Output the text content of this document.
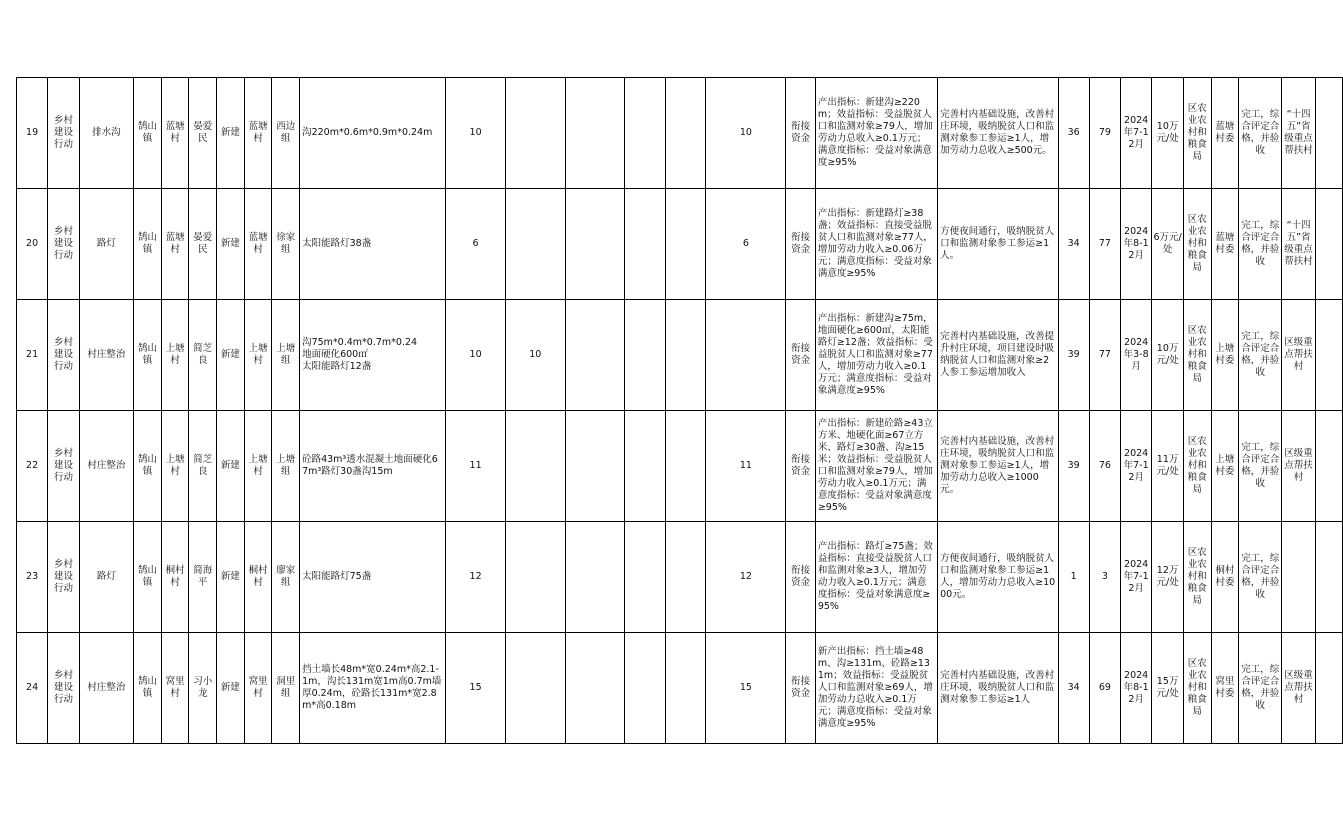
19	乡村建设行动	排水沟	鹄山镇	蓝塘村	晏爱民	新建	蓝塘村	西边组	沟220m*0.6m*0.9m*0.24m	10					10	衔接资金	产出指标：新建沟≥220m；效益指标：受益脱贫人口和监测对象≥79人，增加劳动力总收入≥0.1万元；满意度指标：受益对象满意度≥95%	完善村内基础设施，改善村庄环境，吸纳脱贫人口和监测对象参工参运≥1人，增加劳动力总收入≥500元。	36	79	2024年7-12月	10万元/处	区农业农村和粮食局	蓝塘村委	完工，综合评定合格，并验收	“十四五”省级重点帮扶村	
20	乡村建设行动	路灯	鹄山镇	蓝塘村	晏爱民	新建	蓝塘村	徐家组	太阳能路灯38盏	6					6	衔接资金	产出指标：新建路灯≥38盏；效益指标：直接受益脱贫人口和监测对象≥77人，增加劳动力收入≥0.06万元；满意度指标：受益对象满意度≥95%	方便夜间通行，吸纳脱贫人口和监测对象参工参运≥1人。	34	77	2024年8-12月	6万元/处	区农业农村和粮食局	蓝塘村委	完工，综合评定合格，并验收	“十四五”省级重点帮扶村	
21	乡村建设行动	村庄整治	鹄山镇	上塘村	简芝良	新建	上塘村	上塘组	沟75m*0.4m*0.7m*0.24
地面硬化600㎡
太阳能路灯12盏	10	10					衔接资金	产出指标：新建沟≥75m，地面硬化≥600㎡，太阳能路灯≥12盏；效益指标：受益脱贫人口和监测对象≥77人，增加劳动力收入≥0.1万元；满意度指标：受益对象满意度≥95%	完善村内基础设施，改善提升村庄环境，项目建设时吸纳脱贫人口和监测对象≥2人参工参运增加收入	39	77	2024年3-8月	10万元/处	区农业农村和粮食局	上塘村委	完工，综合评定合格，并验收	区级重点帮扶村	
22	乡村建设行动	村庄整治	鹄山镇	上塘村	简芝良	新建	上塘村	上塘组	砼路43m³透水混凝土地面硬化67m³路灯30盏沟15m	11					11	衔接资金	产出指标：新建砼路≥43立方米、地硬化面≥67立方米、路灯≥30盏、沟≥15米；效益指标：受益脱贫人口和监测对象≥79人，增加劳动力收入≥0.1万元；满意度指标：受益对象满意度≥95%	完善村内基础设施，改善村庄环境，吸纳脱贫人口和监测对象参工参运≥1人，增加劳动力总收入≥1000元。	39	76	2024年7-12月	11万元/处	区农业农村和粮食局	上塘村委	完工，综合评定合格，并验收	区级重点帮扶村	
23	乡村建设行动	路灯	鹄山镇	桐村村	简海平	新建	桐村村	廖家组	太阳能路灯75盏	12					12	衔接资金	产出指标：路灯≥75盏；效益指标：直接受益脱贫人口和监测对象≥3人，增加劳动力收入≥0.1万元；满意度指标：受益对象满意度≥95%	方便夜间通行，吸纳脱贫人口和监测对象参工参运≥1人，增加劳动力总收入≥1000元。	1	3	2024年7-12月	12万元/处	区农业农村和粮食局	桐村村委	完工，综合评定合格，并验收		
24	乡村建设行动	村庄整治	鹄山镇	窝里村	习小龙	新建	窝里村	洞里组	挡土墙长48m*宽0.24m*高2.1-1m，沟长131m宽1m高0.7m墙厚0.24m，砼路长131m*宽2.8m*高0.18m	15					15	衔接资金	新产出指标：挡土墙≥48m、沟≥131m、砼路≥131m；效益指标：受益脱贫人口和监测对象≥69人，增加劳动力总收入≥0.1万元；满意度指标：受益对象满意度≥95%	完善村内基础设施，改善村庄环境，吸纳脱贫人口和监测对象参工参运≥1人	34	69	2024年8-12月	15万元/处	区农业农村和粮食局	窝里村委	完工，综合评定合格，并验收	区级重点帮扶村	
